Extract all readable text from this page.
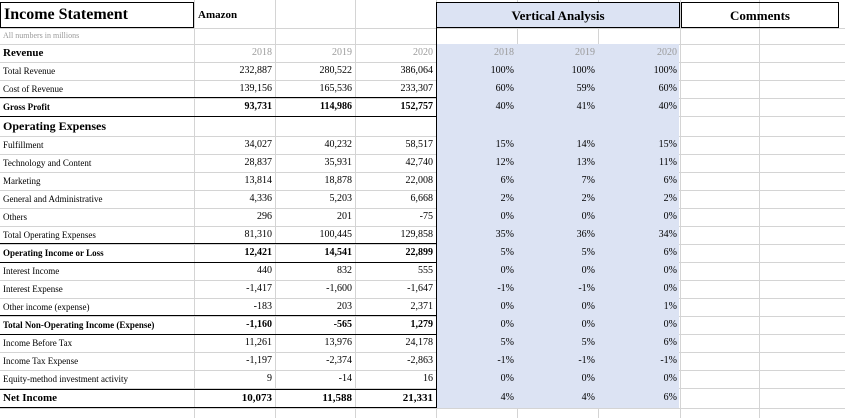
Income Statement	Amazon	Vertical Analysis	Comments
All numbers in millions
Revenue	2018	2019	2020	2018	2019	2020
Total Revenue	232,887	280,522	386,064	100%	100%	100%
Cost of Revenue	139,156	165,536	233,307	60%	59%	60%
Gross Profit	93,731	114,986	152,757	40%	41%	40%
Operating Expenses
Fulfillment	34,027	40,232	58,517	15%	14%	15%
Technology and Content	28,837	35,931	42,740	12%	13%	11%
Marketing	13,814	18,878	22,008	6%	7%	6%
General and Administrative	4,336	5,203	6,668	2%	2%	2%
Others	296	201	-75	0%	0%	0%
Total Operating Expenses	81,310	100,445	129,858	35%	36%	34%
Operating Income or Loss	12,421	14,541	22,899	5%	5%	6%
Interest Income	440	832	555	0%	0%	0%
Interest Expense	-1,417	-1,600	-1,647	-1%	-1%	0%
Other income (expense)	-183	203	2,371	0%	0%	1%
Total Non-Operating Income (Expense)	-1,160	-565	1,279	0%	0%	0%
Income Before Tax	11,261	13,976	24,178	5%	5%	6%
Income Tax Expense	-1,197	-2,374	-2,863	-1%	-1%	-1%
Equity-method investment activity	9	-14	16	0%	0%	0%
Net Income	10,073	11,588	21,331	4%	4%	6%
